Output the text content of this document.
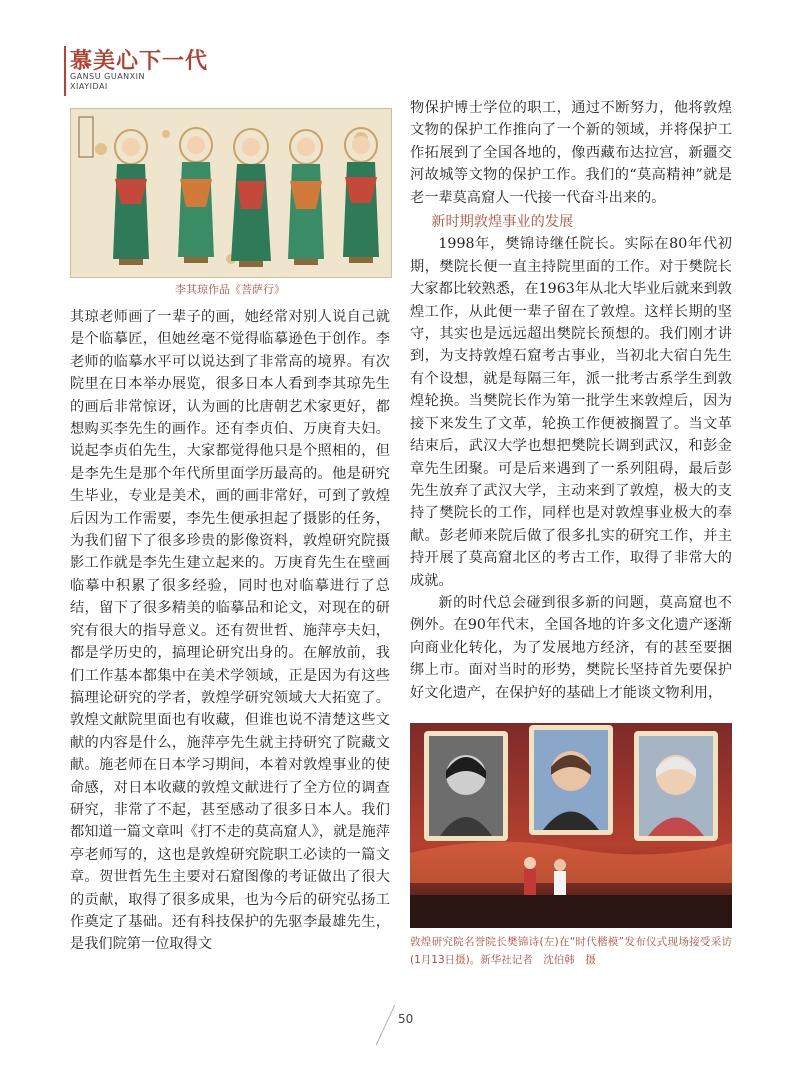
慕美心下一代
GANSU GUANXIN
XIAYIDAI
李其琼作品《菩萨行》

其琼老师画了一辈子的画，她经常对别人说自己就是个临摹匠，但她丝毫不觉得临摹逊色于创作。李老师的临摹水平可以说达到了非常高的境界。有次院里在日本举办展览，很多日本人看到李其琼先生的画后非常惊讶，认为画的比唐朝艺术家更好，都想购买李先生的画作。还有李贞伯、万庚育夫妇。说起李贞伯先生，大家都觉得他只是个照相的，但是李先生是那个年代所里面学历最高的。他是研究生毕业，专业是美术，画的画非常好，可到了敦煌后因为工作需要，李先生便承担起了摄影的任务，为我们留下了很多珍贵的影像资料，敦煌研究院摄影工作就是李先生建立起来的。万庚育先生在壁画临摹中积累了很多经验，同时也对临摹进行了总结，留下了很多精美的临摹品和论文，对现在的研究有很大的指导意义。还有贺世哲、施萍亭夫妇，都是学历史的，搞理论研究出身的。在解放前，我们工作基本都集中在美术学领域，正是因为有这些搞理论研究的学者，敦煌学研究领域大大拓宽了。敦煌文献院里面也有收藏，但谁也说不清楚这些文献的内容是什么，施萍亭先生就主持研究了院藏文献。施老师在日本学习期间，本着对敦煌事业的使命感，对日本收藏的敦煌文献进行了全方位的调查研究，非常了不起，甚至感动了很多日本人。我们都知道一篇文章叫《打不走的莫高窟人》，就是施萍亭老师写的，这也是敦煌研究院职工必读的一篇文章。贺世哲先生主要对石窟图像的考证做出了很大的贡献，取得了很多成果，也为今后的研究弘扬工作奠定了基础。还有科技保护的先驱李最雄先生，是我们院第一位取得文

物保护博士学位的职工，通过不断努力，他将敦煌文物的保护工作推向了一个新的领域，并将保护工作拓展到了全国各地的，像西藏布达拉宫，新疆交河故城等文物的保护工作。我们的“莫高精神”就是老一辈莫高窟人一代接一代奋斗出来的。

新时期敦煌事业的发展

1998年，樊锦诗继任院长。实际在80年代初期，樊院长便一直主持院里面的工作。对于樊院长大家都比较熟悉，在1963年从北大毕业后就来到敦煌工作，从此便一辈子留在了敦煌。这样长期的坚守，其实也是远远超出樊院长预想的。我们刚才讲到，为支持敦煌石窟考古事业，当初北大宿白先生有个设想，就是每隔三年，派一批考古系学生到敦煌轮换。当樊院长作为第一批学生来敦煌后，因为接下来发生了文革，轮换工作便被搁置了。当文革结束后，武汉大学也想把樊院长调到武汉，和彭金章先生团聚。可是后来遇到了一系列阻碍，最后彭先生放弃了武汉大学，主动来到了敦煌，极大的支持了樊院长的工作，同样也是对敦煌事业极大的奉献。彭老师来院后做了很多扎实的研究工作，并主持开展了莫高窟北区的考古工作，取得了非常大的成就。

新的时代总会碰到很多新的问题，莫高窟也不例外。在90年代末，全国各地的许多文化遗产逐渐向商业化转化，为了发展地方经济，有的甚至要捆绑上市。面对当时的形势，樊院长坚持首先要保护好文化遗产，在保护好的基础上才能谈文物利用，

敦煌研究院名誉院长樊锦诗(左)在“时代楷模”发布仪式现场接受采访(1月13日摄)。新华社记者　沈伯韩　摄
50
